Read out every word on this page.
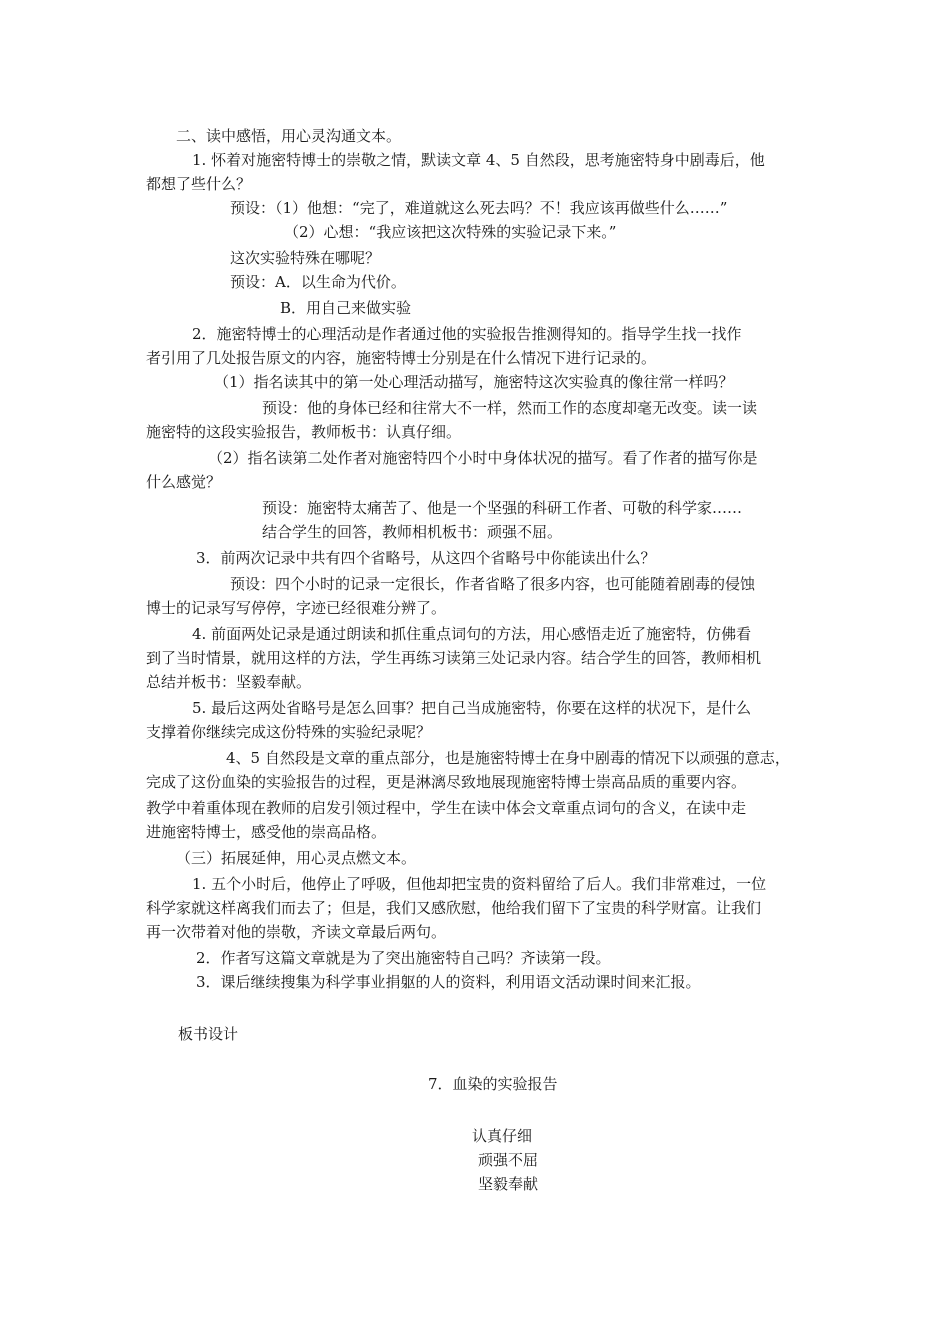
二、读中感悟，用心灵沟通文本。
1. 怀着对施密特博士的崇敬之情，默读文章 4、5 自然段，思考施密特身中剧毒后，他
都想了些什么？
预设：（1）他想：“完了，难道就这么死去吗？不！我应该再做些什么……”
（2）心想：“我应该把这次特殊的实验记录下来。”
这次实验特殊在哪呢？
预设：A．以生命为代价。
B．用自己来做实验
2．施密特博士的心理活动是作者通过他的实验报告推测得知的。指导学生找一找作
者引用了几处报告原文的内容，施密特博士分别是在什么情况下进行记录的。
（1）指名读其中的第一处心理活动描写，施密特这次实验真的像往常一样吗？
预设：他的身体已经和往常大不一样，然而工作的态度却毫无改变。读一读
施密特的这段实验报告，教师板书：认真仔细。
（2）指名读第二处作者对施密特四个小时中身体状况的描写。看了作者的描写你是
什么感觉？
预设：施密特太痛苦了、他是一个坚强的科研工作者、可敬的科学家……
结合学生的回答，教师相机板书：顽强不屈。
3．前两次记录中共有四个省略号，从这四个省略号中你能读出什么？
预设：四个小时的记录一定很长，作者省略了很多内容，也可能随着剧毒的侵蚀
博士的记录写写停停，字迹已经很难分辨了。
4. 前面两处记录是通过朗读和抓住重点词句的方法，用心感悟走近了施密特，仿佛看
到了当时情景，就用这样的方法，学生再练习读第三处记录内容。结合学生的回答，教师相机
总结并板书：坚毅奉献。
5. 最后这两处省略号是怎么回事？把自己当成施密特，你要在这样的状况下，是什么
支撑着你继续完成这份特殊的实验纪录呢？
4、5 自然段是文章的重点部分，也是施密特博士在身中剧毒的情况下以顽强的意志，
完成了这份血染的实验报告的过程，更是淋漓尽致地展现施密特博士崇高品质的重要内容。
教学中着重体现在教师的启发引领过程中，学生在读中体会文章重点词句的含义，在读中走
进施密特博士，感受他的崇高品格。
（三）拓展延伸，用心灵点燃文本。
1. 五个小时后，他停止了呼吸，但他却把宝贵的资料留给了后人。我们非常难过，一位
科学家就这样离我们而去了；但是，我们又感欣慰，他给我们留下了宝贵的科学财富。让我们
再一次带着对他的崇敬，齐读文章最后两句。
2．作者写这篇文章就是为了突出施密特自己吗？齐读第一段。
3．课后继续搜集为科学事业捐躯的人的资料，利用语文活动课时间来汇报。
板书设计
7．血染的实验报告
认真仔细
顽强不屈
坚毅奉献
